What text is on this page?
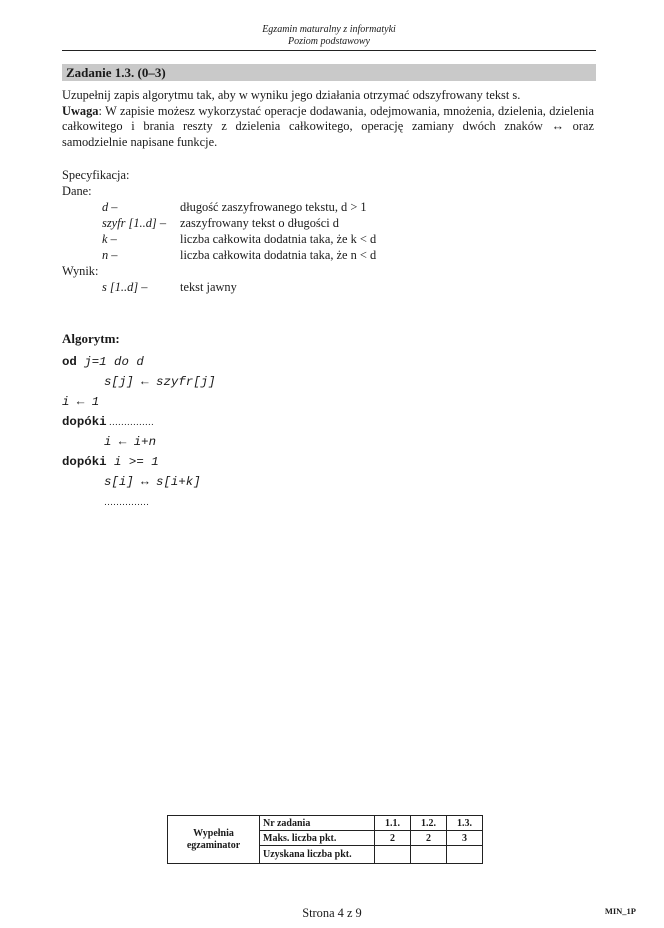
Egzamin maturalny z informatyki
Poziom podstawowy
Zadanie 1.3. (0–3)

Uzupełnij zapis algorytmu tak, aby w wyniku jego działania otrzymać odszyfrowany tekst s.
Uwaga: W zapisie możesz wykorzystać operacje dodawania, odejmowania, mnożenia, dzielenia, dzielenia całkowitego i brania reszty z dzielenia całkowitego, operację zamiany dwóch znaków ↔ oraz samodzielnie napisane funkcje.

Specyfikacja:
Dane:
d –	długość zaszyfrowanego tekstu, d > 1
szyfr [1..d] – zaszyfrowany tekst o długości d
k –	liczba całkowita dodatnia taka, że k < d
n –	liczba całkowita dodatnia taka, że n < d
Wynik:
s [1..d] –	tekst jawny
Algorytm:
od j=1 do d
s[j] ← szyfr[j]
i ← 1
dopóki ……………
i ← i+n
dopóki i >= 1
s[i] ↔ s[i+k]
……………
Wypełnia
egzaminator	Nr zadania	1.1.	1.2.	1.3.
	Maks. liczba pkt.	2	2	3
	Uzyskana liczba pkt.			
Strona 4 z 9	MIN_1P
